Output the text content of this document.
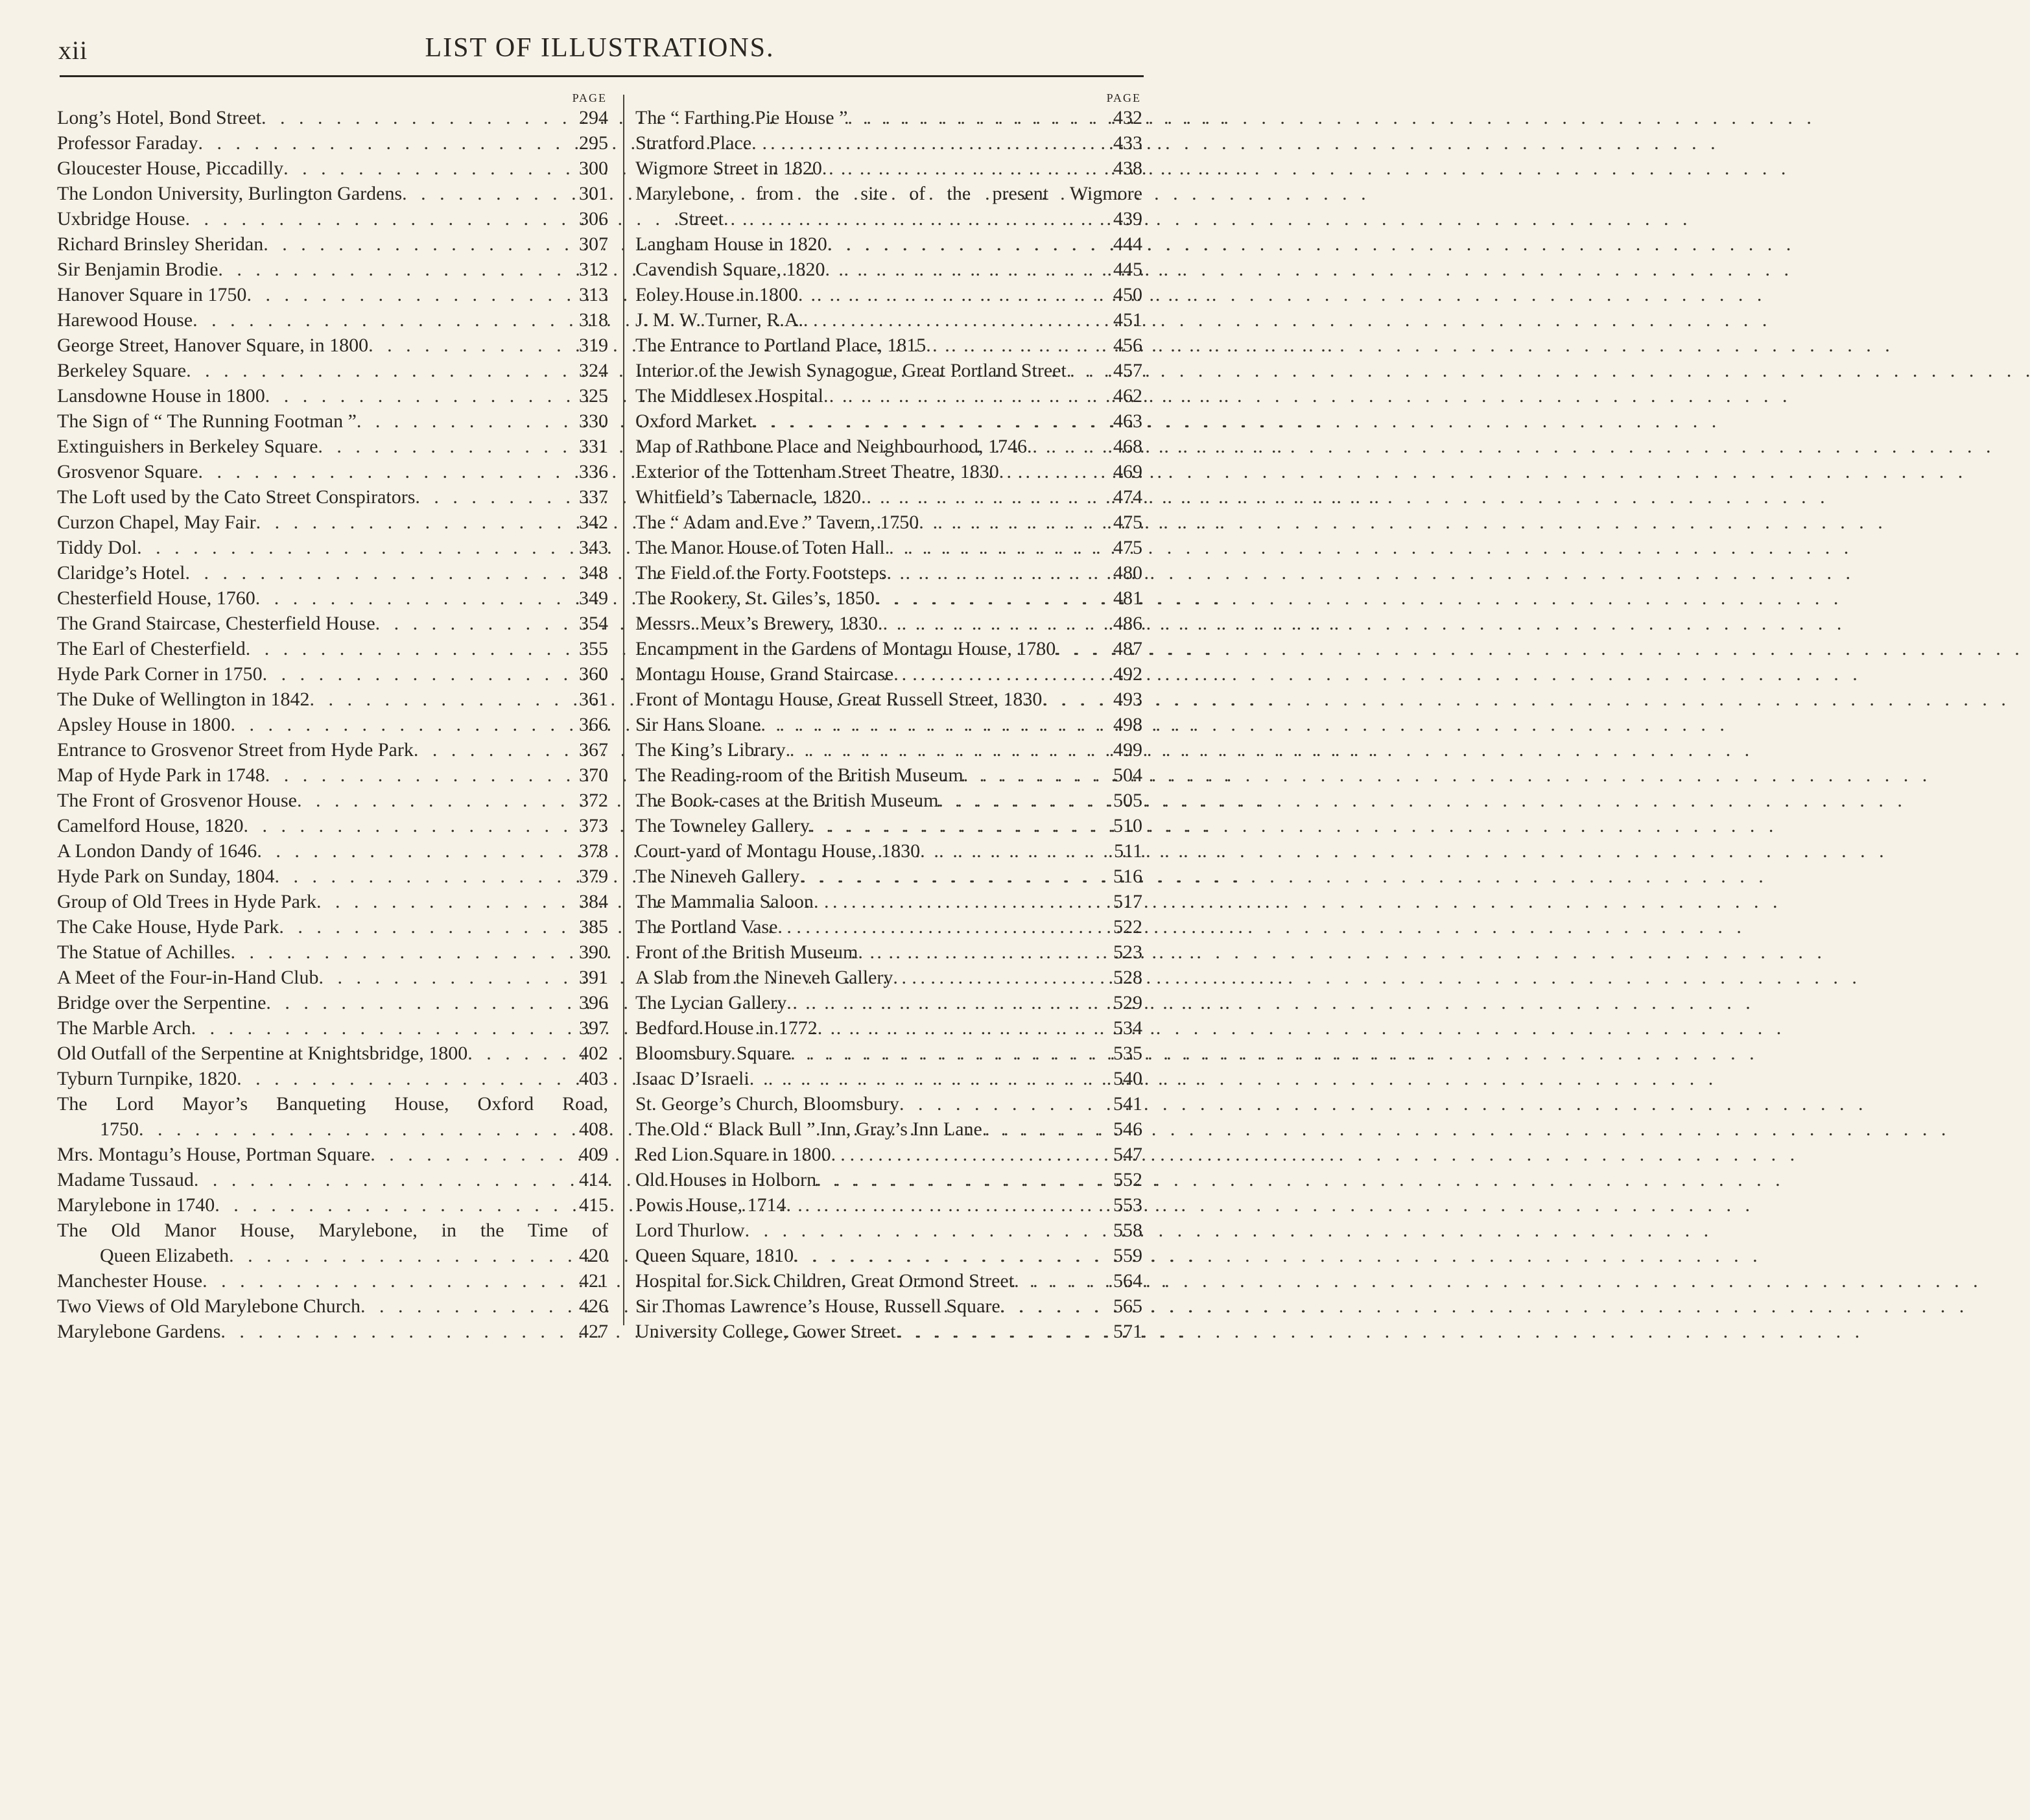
xii	LIST OF ILLUSTRATIONS.
PAGE
Long’s Hotel, Bond Street . . .	294
Professor Faraday . . .	295
Gloucester House, Piccadilly . . .	300
The London University, Burlington Gardens . . .	301
Uxbridge House . . .	306
Richard Brinsley Sheridan . . .	307
Sir Benjamin Brodie . . .	312
Hanover Square in 1750 . . .	313
Harewood House . . .	318
George Street, Hanover Square, in 1800 . . .	319
Berkeley Square . . .	324
Lansdowne House in 1800 . . .	325
The Sign of “ The Running Footman ” . . .	330
Extinguishers in Berkeley Square . . .	331
Grosvenor Square . . .	336
The Loft used by the Cato Street Conspirators . . .	337
Curzon Chapel, May Fair . . .	342
Tiddy Dol . . .	343
Claridge’s Hotel . . .	348
Chesterfield House, 1760 . . .	349
The Grand Staircase, Chesterfield House . . .	354
The Earl of Chesterfield . . .	355
Hyde Park Corner in 1750 . . .	360
The Duke of Wellington in 1842 . . .	361
Apsley House in 1800 . . .	366
Entrance to Grosvenor Street from Hyde Park . . .	367
Map of Hyde Park in 1748 . . .	370
The Front of Grosvenor House . . .	372
Camelford House, 1820 . . .	373
A London Dandy of 1646 . . .	378
Hyde Park on Sunday, 1804 . . .	379
Group of Old Trees in Hyde Park . . .	384
The Cake House, Hyde Park . . .	385
The Statue of Achilles . . .	390
A Meet of the Four-in-Hand Club . . .	391
Bridge over the Serpentine . . .	396
The Marble Arch . . .	397
Old Outfall of the Serpentine at Knightsbridge, 1800 . . .	402
Tyburn Turnpike, 1820 . . .	403
The Lord Mayor’s Banqueting House, Oxford Road,
1750 . . .	408
Mrs. Montagu’s House, Portman Square . . .	409
Madame Tussaud . . .	414
Marylebone in 1740 . . .	415
The Old Manor House, Marylebone, in the Time of
Queen Elizabeth . . .	420
Manchester House . . .	421
Two Views of Old Marylebone Church . . .	426
Marylebone Gardens . . .	427
PAGE
The “ Farthing Pie House ” . . .	432
Stratford Place . . .	433
Wigmore Street in 1820 . . .	438
Marylebone, from the site of the present Wigmore
Street . . .	439
Langham House in 1820 . . .	444
Cavendish Square, 1820 . . .	445
Foley House in 1800 . . .	450
J. M. W. Turner, R.A. . . .	451
The Entrance to Portland Place, 1815 . . .	456
Interior of the Jewish Synagogue, Great Portland Street . . .	457
The Middlesex Hospital . . .	462
Oxford Market . . .	463
Map of Rathbone Place and Neighbourhood, 1746 . . .	468
Exterior of the Tottenham Street Theatre, 1830 . . .	469
Whitfield’s Tabernacle, 1820 . . .	474
The “ Adam and Eve ” Tavern, 1750 . . .	475
The Manor House of Toten Hall . . .	475
The Field of the Forty Footsteps . . .	480
The Rookery, St. Giles’s, 1850 . . .	481
Messrs. Meux’s Brewery, 1830 . . .	486
Encampment in the Gardens of Montagu House, 1780 . . .	487
Montagu House, Grand Staircase . . .	492
Front of Montagu House, Great Russell Street, 1830 . . .	493
Sir Hans Sloane . . .	498
The King’s Library . . .	499
The Reading-room of the British Museum . . .	504
The Book-cases at the British Museum . . .	505
The Towneley Gallery . . .	510
Court-yard of Montagu House, 1830 . . .	511
The Nineveh Gallery . . .	516
The Mammalia Saloon . . .	517
The Portland Vase . . .	522
Front of the British Museum . . .	523
A Slab from the Nineveh Gallery . . .	528
The Lycian Gallery . . .	529
Bedford House in 1772 . . .	534
Bloomsbury Square . . .	535
Isaac D’Israeli . . .	540
St. George’s Church, Bloomsbury . . .	541
The Old “ Black Bull ” Inn, Gray’s Inn Lane . . .	546
Red Lion Square in 1800 . . .	547
Old Houses in Holborn . . .	552
Powis House, 1714 . . .	553
Lord Thurlow . . .	558
Queen Square, 1810 . . .	559
Hospital for Sick Children, Great Ormond Street . . .	564
Sir Thomas Lawrence’s House, Russell Square . . .	565
University College, Gower Street . . .	571
